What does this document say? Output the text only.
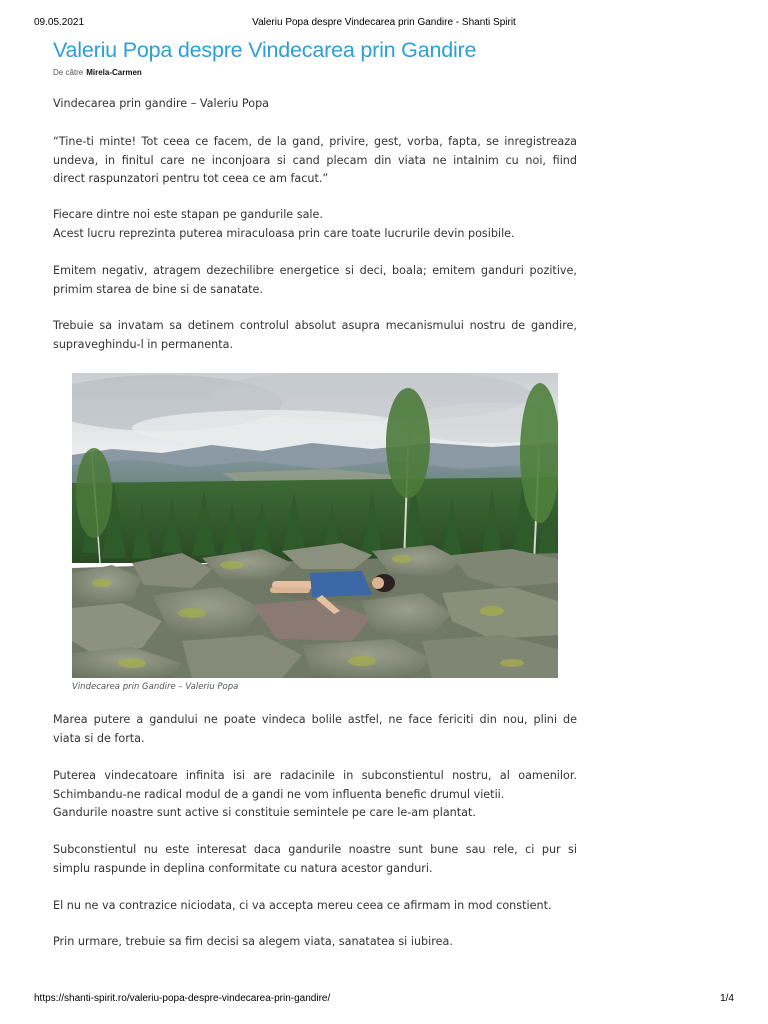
09.05.2021	Valeriu Popa despre Vindecarea prin Gandire - Shanti Spirit
Valeriu Popa despre Vindecarea prin Gandire
De către Mirela-Carmen

Vindecarea prin gandire – Valeriu Popa

“Tine-ti minte! Tot ceea ce facem, de la gand, privire, gest, vorba, fapta, se inregistreaza
undeva, in finitul care ne inconjoara si cand plecam din viata ne intalnim cu noi, fiind
direct raspunzatori pentru tot ceea ce am facut.”

Fiecare dintre noi este stapan pe gandurile sale.
Acest lucru reprezinta puterea miraculoasa prin care toate lucrurile devin posibile.

Emitem negativ, atragem dezechilibre energetice si deci, boala; emitem ganduri pozitive,
primim starea de bine si de sanatate.

Trebuie sa invatam sa detinem controlul absolut asupra mecanismului nostru de gandire,
supraveghindu-l in permanenta.

Vindecarea prin Gandire – Valeriu Popa

Marea putere a gandului ne poate vindeca bolile astfel, ne face fericiti din nou, plini de
viata si de forta.

Puterea vindecatoare infinita isi are radacinile in subconstientul nostru, al oamenilor.
Schimbandu-ne radical modul de a gandi ne vom influenta benefic drumul vietii.
Gandurile noastre sunt active si constituie semintele pe care le-am plantat.

Subconstientul nu este interesat daca gandurile noastre sunt bune sau rele, ci pur si
simplu raspunde in deplina conformitate cu natura acestor ganduri.

El nu ne va contrazice niciodata, ci va accepta mereu ceea ce afirmam in mod constient.

Prin urmare, trebuie sa fim decisi sa alegem viata, sanatatea si iubirea.

https://shanti-spirit.ro/valeriu-popa-despre-vindecarea-prin-gandire/	1/4
